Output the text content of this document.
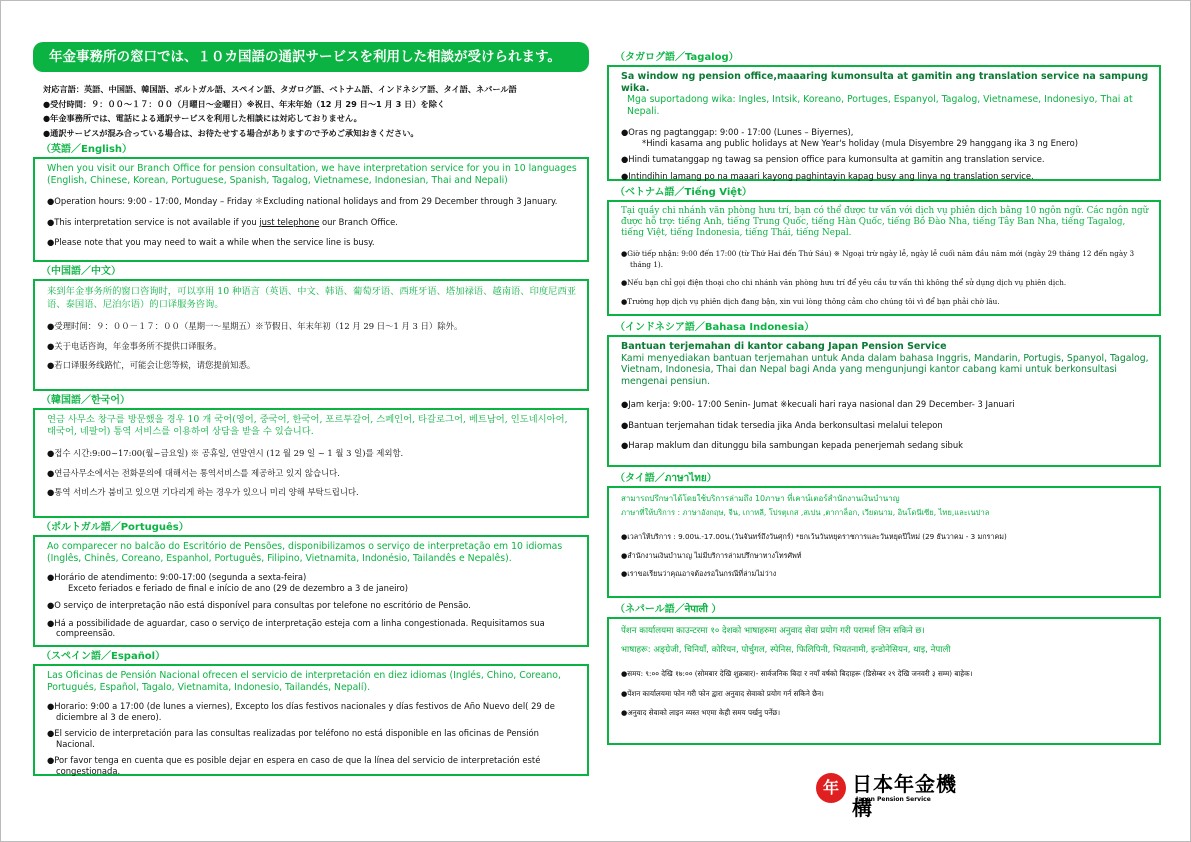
年金事務所の窓口では、１０カ国語の通訳サービスを利用した相談が受けられます。
対応言語：英語、中国語、韓国語、ポルトガル語、スペイン語、タガログ語、ベトナム語、インドネシア語、タイ語、ネパール語
●受付時間：９：００～１７：００（月曜日～金曜日）※祝日、年末年始（12 月 29 日～1 月 3 日）を除く
●年金事務所では、電話による通訳サービスを利用した相談には対応しておりません。
●通訳サービスが混み合っている場合は、お待たせする場合がありますので予めご承知おきください。
（英語／English）
When you visit our Branch Office for pension consultation, we have interpretation service for you in 10 languages (English, Chinese, Korean, Portuguese, Spanish, Tagalog, Vietnamese, Indonesian, Thai and Nepali)
●Operation hours: 9:00 - 17:00, Monday – Friday ＊Excluding national holidays and from 29 December through 3 January.
●This interpretation service is not available if you just telephone our Branch Office.
●Please note that you may need to wait a while when the service line is busy.
（中国語／中文）
来到年金事务所的窗口咨询时，可以享用 10 种语言（英语、中文、韩语、葡萄牙语、西班牙语、塔加禄语、越南语、印度尼西亚语、泰国语、尼泊尔语）的口译服务咨询。
●受理时间：９：００－１７：００（星期一～星期五）※节假日、年末年初（12 月 29 日～1 月 3 日）除外。
●关于电话咨询，年金事务所不提供口译服务。
●若口译服务线路忙，可能会让您等候，请您提前知悉。
（韓国語／한국어）
연금 사무소 창구를 방문했을 경우 10 개 국어(영어, 중국어, 한국어, 포르투갈어, 스페인어, 타갈로그어, 베트남어, 인도네시아어, 태국어, 네팔어) 통역 서비스를 이용하여 상담을 받을 수 있습니다.
●접수 시간:9:00~17:00(월~금요일) ※ 공휴일, 연말연시 (12 월 29 일 ~ 1 월 3 일)를 제외함.
●연금사무소에서는 전화문의에 대해서는 통역서비스를 제공하고 있지 않습니다.
●통역 서비스가 붐비고 있으면 기다리게 하는 경우가 있으니 미리 양해 부탁드립니다.
（ポルトガル語／Português）
Ao comparecer no balcão do Escritório de Pensões, disponibilizamos o serviço de interpretação em 10 idiomas (Inglês, Chinês, Coreano, Espanhol, Português, Filipino, Vietnamita, Indonésio, Tailandês e Nepalês).
●Horário de atendimento: 9:00-17:00 (segunda a sexta-feira)
Exceto feriados e feriado de final e início de ano (29 de dezembro a 3 de janeiro)
●O serviço de interpretação não está disponível para consultas por telefone no escritório de Pensão.
●Há a possibilidade de aguardar, caso o serviço de interpretação esteja com a linha congestionada. Requisitamos sua compreensão.
（スペイン語／Español）
Las Oficinas de Pensión Nacional ofrecen el servicio de interpretación en diez idiomas (Inglés, Chino, Coreano, Portugués, Español, Tagalo, Vietnamita, Indonesio, Tailandés, Nepalí).
●Horario: 9:00 a 17:00 (de lunes a viernes), Excepto los días festivos nacionales y días festivos de Año Nuevo del( 29 de diciembre al 3 de enero).
●El servicio de interpretación para las consultas realizadas por teléfono no está disponible en las oficinas de Pensión Nacional.
●Por favor tenga en cuenta que es posible dejar en espera en caso de que la línea del servicio de interpretación esté congestionada.
（タガログ語／Tagalog）
Sa window ng pension office,maaaring kumonsulta at gamitin ang translation service na sampung wika.
Mga suportadong wika: Ingles, Intsik, Koreano, Portuges, Espanyol, Tagalog, Vietnamese, Indonesiyo, Thai at Nepali.
●Oras ng pagtanggap: 9:00 - 17:00 (Lunes – Biyernes),
*Hindi kasama ang public holidays at New Year's holiday (mula Disyembre 29 hanggang ika 3 ng Enero)
●Hindi tumatanggap ng tawag sa pension office para kumonsulta at gamitin ang translation service.
●Intindihin lamang po na maaari kayong paghintayin kapag busy ang linya ng translation service.
（ベトナム語／Tiếng Việt）
Tại quầy chi nhánh văn phòng hưu trí, bạn có thể được tư vấn với dịch vụ phiên dịch bằng 10 ngôn ngữ. Các ngôn ngữ được hỗ trợ: tiếng Anh, tiếng Trung Quốc, tiếng Hàn Quốc, tiếng Bồ Đào Nha, tiếng Tây Ban Nha, tiếng Tagalog, tiếng Việt, tiếng Indonesia, tiếng Thái, tiếng Nepal.
●Giờ tiếp nhận: 9:00 đến 17:00 (từ Thứ Hai đến Thứ Sáu) ※ Ngoại trừ ngày lễ, ngày lễ cuối năm đầu năm mới (ngày 29 tháng 12 đến ngày 3 tháng 1).
●Nếu bạn chỉ gọi điện thoại cho chi nhánh văn phòng hưu trí để yêu cầu tư vấn thì không thể sử dụng dịch vụ phiên dịch.
●Trường hợp dịch vụ phiên dịch đang bận, xin vui lòng thông cảm cho chúng tôi vì để bạn phải chờ lâu.
（インドネシア語／Bahasa Indonesia）
Bantuan terjemahan di kantor cabang Japan Pension Service
Kami menyediakan bantuan terjemahan untuk Anda dalam bahasa Inggris, Mandarin, Portugis, Spanyol, Tagalog, Vietnam, Indonesia, Thai dan Nepal bagi Anda yang mengunjungi kantor cabang kami untuk berkonsultasi mengenai pensiun.
●Jam kerja: 9:00- 17:00 Senin- Jumat ※kecuali hari raya nasional dan 29 December- 3 Januari
●Bantuan terjemahan tidak tersedia jika Anda berkonsultasi melalui telepon
●Harap maklum dan ditunggu bila sambungan kepada penerjemah sedang sibuk
（タイ語／ภาษาไทย）
สามารถปรึกษาได้โดยใช้บริการล่ามถึง 10ภาษา ที่เคาน์เตอร์สำนักงานเงินบำนาญ
ภาษาที่ให้บริการ : ภาษาอังกฤษ, จีน, เกาหลี, โปรตุเกส ,สเปน ,ตากาล็อก, เวียดนาม, อินโดนีเซีย, ไทย,และเนปาล
●เวลาให้บริการ : 9.00น.-17.00น.(วันจันทร์ถึงวันศุกร์) *ยกเว้นวันหยุดราชการและวันหยุดปีใหม่ (29 ธันวาคม - 3 มกราคม)
●สำนักงานเงินบำนาญ ไม่มีบริการล่ามปรึกษาทางโทรศัพท์
●เราขอเรียนว่าคุณอาจต้องรอในกรณีที่ล่ามไม่ว่าง
（ネパール語／नेपाली ）
पेंशन कार्यालयमा काउन्टरमा १० देशको भाषाहरुमा अनुवाद सेवा प्रयोग गरी परामर्श लिन सकिने छ।
भाषाहरू: अङ्ग्रेजी, चिनियाँ, कोरियन, पोर्चुगल, स्पेनिस, फिलिपिनी, भियतनामी, इन्डोनेसियन, थाइ, नेपाली
●समय: ९:०० देखि १७:०० (सोमबार देखि शुक्रबार)- सार्वजनिक बिदा र नयाँ वर्षको बिदाहरू (डिसेम्बर २९ देखि जनवरी ३ सम्म) बाहेक।
●पेंशन कार्यालयमा फोन गरी फोन द्वारा अनुवाद सेवाको प्रयोग गर्न सकिने छैन।
●अनुवाद सेवाको लाइन व्यस्त भएमा केही समय पर्खनु पर्नेछ।
年 日本年金機構
Japan Pension Service
